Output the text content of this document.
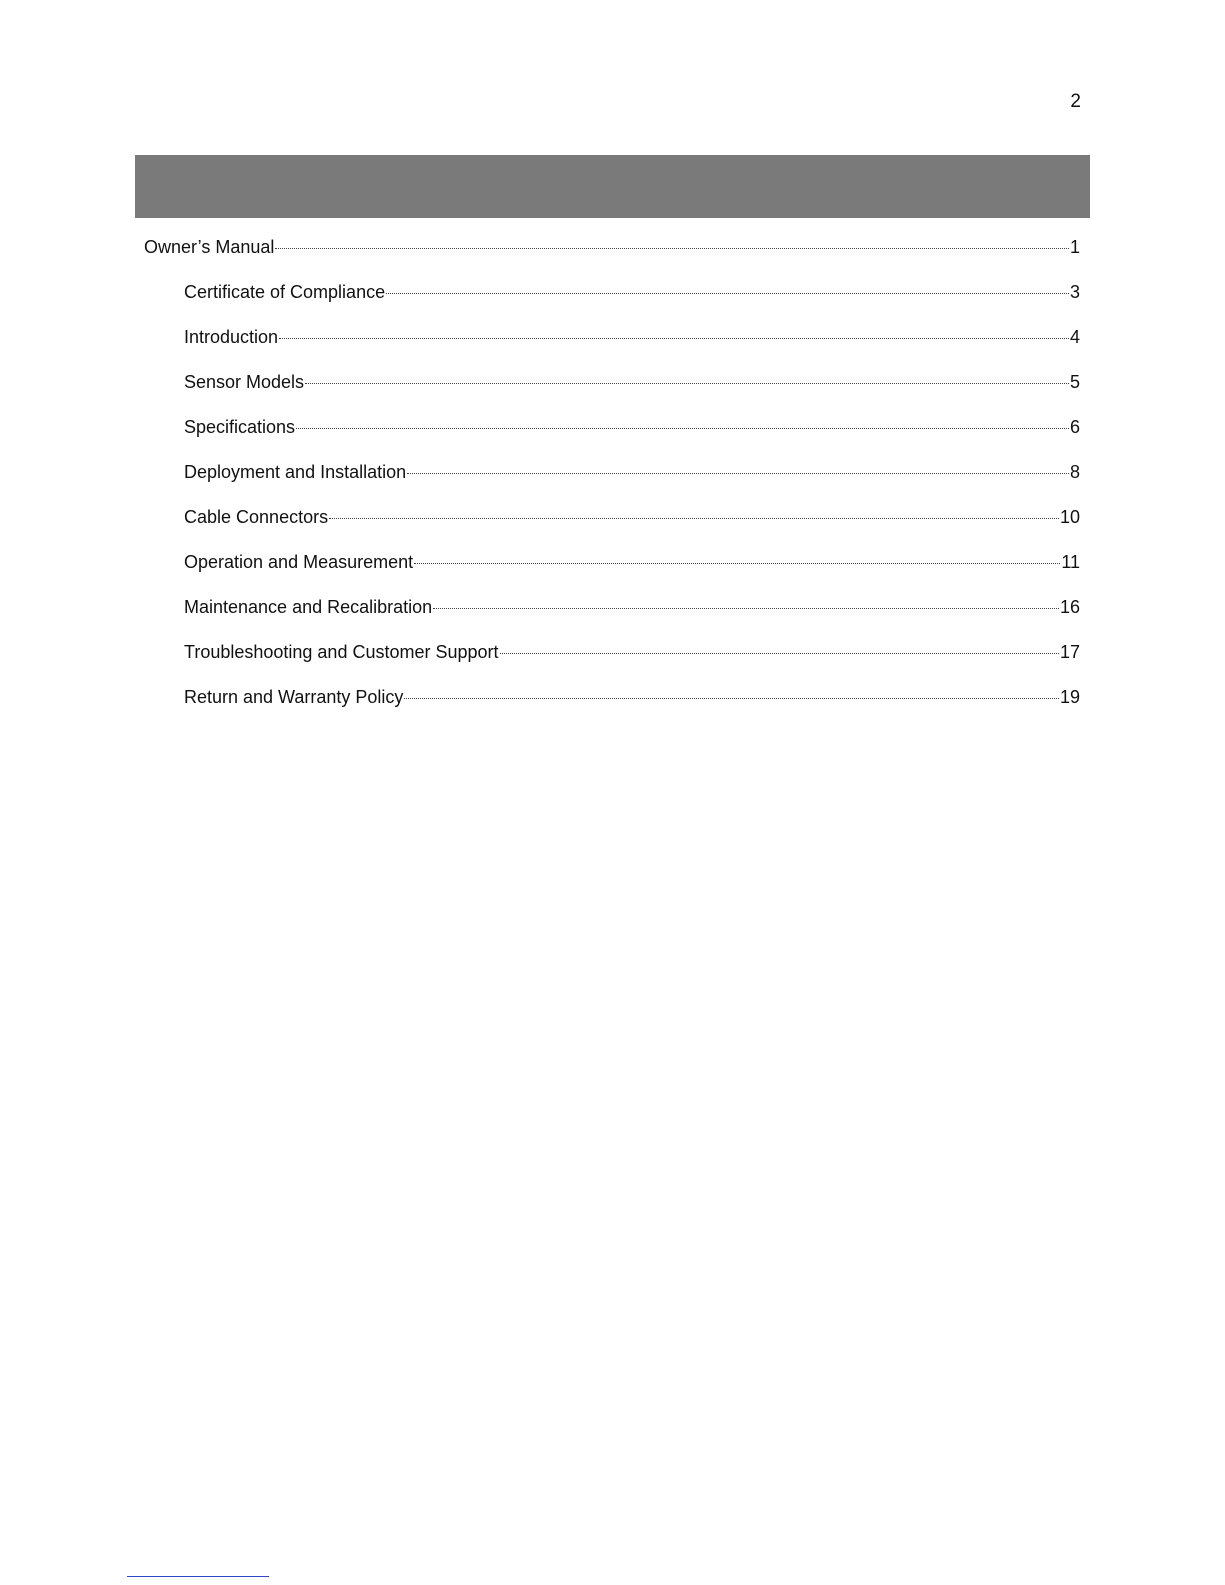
2
Owner’s Manual	1
Certificate of Compliance	3
Introduction	4
Sensor Models	5
Specifications	6
Deployment and Installation	8
Cable Connectors	10
Operation and Measurement	11
Maintenance and Recalibration	16
Troubleshooting and Customer Support	17
Return and Warranty Policy	19
